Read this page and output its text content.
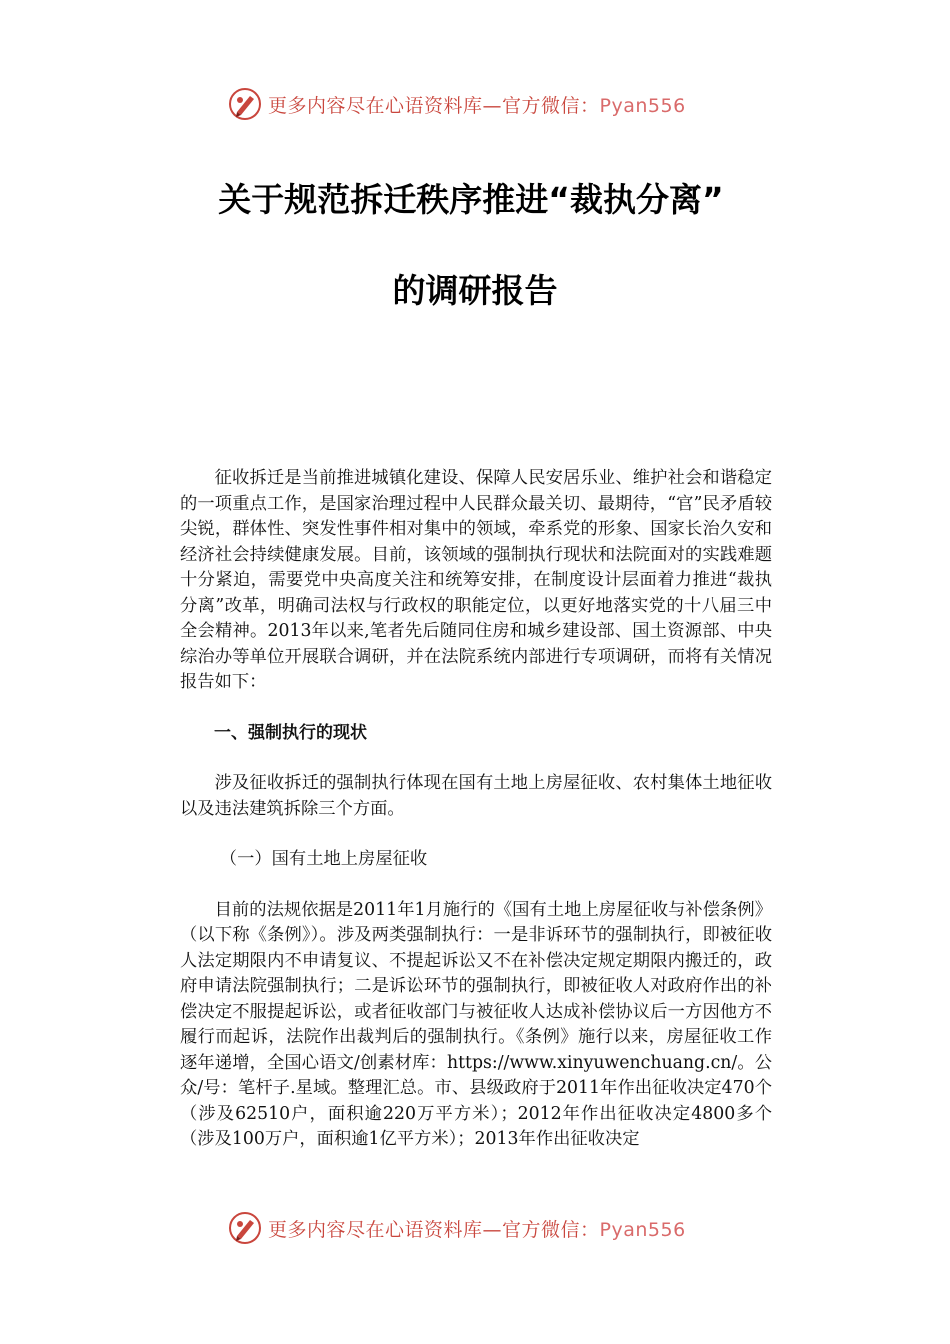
更多内容尽在心语资料库—官方微信：Pyan556
关于规范拆迁秩序推进“裁执分离”
的调研报告

征收拆迁是当前推进城镇化建设、保障人民安居乐业、维护社会和谐稳定的一项重点工作，是国家治理过程中人民群众最关切、最期待，“官”民矛盾较尖锐，群体性、突发性事件相对集中的领域，牵系党的形象、国家长治久安和经济社会持续健康发展。目前，该领域的强制执行现状和法院面对的实践难题十分紧迫，需要党中央高度关注和统筹安排，在制度设计层面着力推进“裁执分离”改革，明确司法权与行政权的职能定位，以更好地落实党的十八届三中全会精神。2013年以来,笔者先后随同住房和城乡建设部、国土资源部、中央综治办等单位开展联合调研，并在法院系统内部进行专项调研，而将有关情况报告如下：

一、强制执行的现状

涉及征收拆迁的强制执行体现在国有土地上房屋征收、农村集体土地征收以及违法建筑拆除三个方面。

（一）国有土地上房屋征收

目前的法规依据是2011年1月施行的《国有土地上房屋征收与补偿条例》（以下称《条例》）。涉及两类强制执行：一是非诉环节的强制执行，即被征收人法定期限内不申请复议、不提起诉讼又不在补偿决定规定期限内搬迁的，政府申请法院强制执行；二是诉讼环节的强制执行，即被征收人对政府作出的补偿决定不服提起诉讼，或者征收部门与被征收人达成补偿协议后一方因他方不履行而起诉，法院作出裁判后的强制执行。《条例》施行以来，房屋征收工作逐年递增，全国心语文/创素材库：https://www.xinyuwenchuang.cn/。公众/号：笔杆子.星域。整理汇总。市、县级政府于2011年作出征收决定470个（涉及62510户，面积逾220万平方米）；2012年作出征收决定4800多个（涉及100万户，面积逾1亿平方米）；2013年作出征收决定

更多内容尽在心语资料库—官方微信：Pyan556
